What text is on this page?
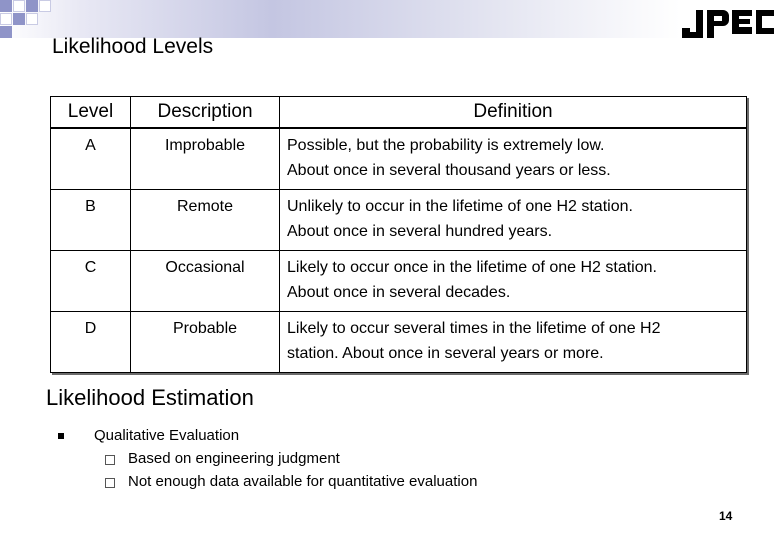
Likelihood Levels
Level	Description	Definition
A	Improbable	Possible, but the probability is extremely low.
About once in several thousand years or less.

B	Remote	Unlikely to occur in the lifetime of one H2 station.
About once in several hundred years.

C	Occasional	Likely to occur once in the lifetime of one H2 station.
About once in several decades.

D	Probable	Likely to occur several times in the lifetime of one H2
station. About once in several years or more.
Likelihood Estimation
Qualitative Evaluation
Based on engineering judgment
Not enough data available for quantitative evaluation
14
